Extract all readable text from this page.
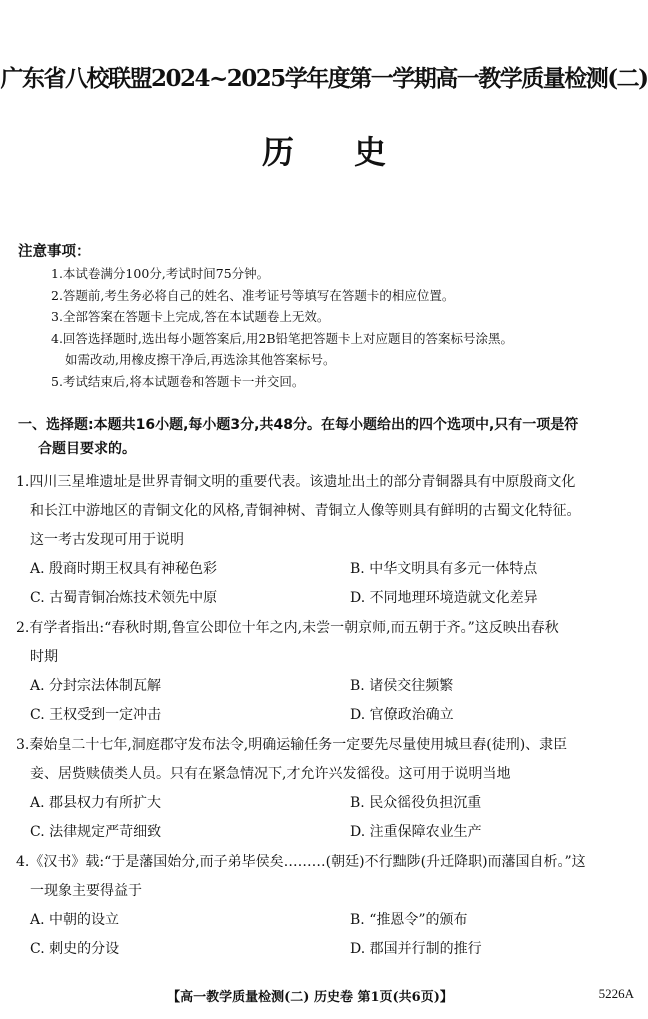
广东省八校联盟2024~2025学年度第一学期高一教学质量检测(二)
历史
注意事项：
1.本试卷满分100分,考试时间75分钟。
2.答题前,考生务必将自己的姓名、准考证号等填写在答题卡的相应位置。
3.全部答案在答题卡上完成,答在本试题卷上无效。
4.回答选择题时,选出每小题答案后,用2B铅笔把答题卡上对应题目的答案标号涂黑。
如需改动,用橡皮擦干净后,再选涂其他答案标号。
5.考试结束后,将本试题卷和答题卡一并交回。
一、选择题:本题共16小题,每小题3分,共48分。在每小题给出的四个选项中,只有一项是符
合题目要求的。
1.四川三星堆遗址是世界青铜文明的重要代表。该遗址出土的部分青铜器具有中原殷商文化
和长江中游地区的青铜文化的风格,青铜神树、青铜立人像等则具有鲜明的古蜀文化特征。
这一考古发现可用于说明
A. 殷商时期王权具有神秘色彩	B. 中华文明具有多元一体特点
C. 古蜀青铜冶炼技术领先中原	D. 不同地理环境造就文化差异
2.有学者指出:“春秋时期,鲁宣公即位十年之内,未尝一朝京师,而五朝于齐。”这反映出春秋
时期
A. 分封宗法体制瓦解	B. 诸侯交往频繁
C. 王权受到一定冲击	D. 官僚政治确立
3.秦始皇二十七年,洞庭郡守发布法令,明确运输任务一定要先尽量使用城旦舂(徒刑)、隶臣
妾、居赀赎债类人员。只有在紧急情况下,才允许兴发徭役。这可用于说明当地
A. 郡县权力有所扩大	B. 民众徭役负担沉重
C. 法律规定严苛细致	D. 注重保障农业生产
4.《汉书》载:“于是藩国始分,而子弟毕侯矣………(朝廷)不行黜陟(升迁降职)而藩国自析。”这
一现象主要得益于
A. 中朝的设立	B. “推恩令”的颁布
C. 刺史的分设	D. 郡国并行制的推行
【高一教学质量检测(二) 历史卷 第1页(共6页)】	5226A
